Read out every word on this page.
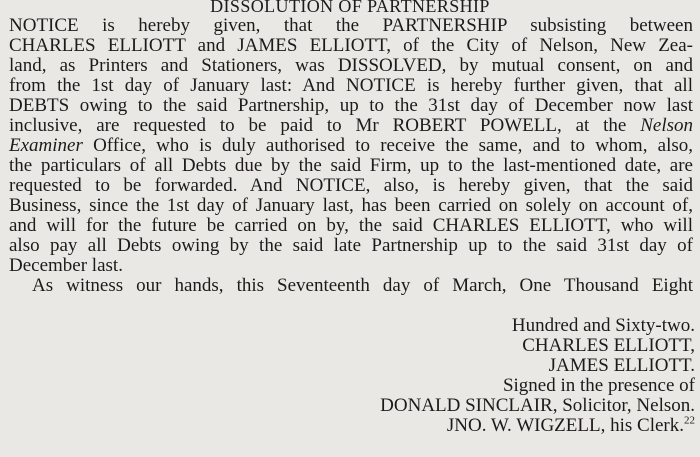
DISSOLUTION OF PARTNERSHIP
NOTICE is hereby given, that the PARTNERSHIP subsisting between
CHARLES ELLIOTT and JAMES ELLIOTT, of the City of Nelson, New Zea-
land, as Printers and Stationers, was DISSOLVED, by mutual consent, on and
from the 1st day of January last: And NOTICE is hereby further given, that all
DEBTS owing to the said Partnership, up to the 31st day of December now last
inclusive, are requested to be paid to Mr ROBERT POWELL, at the Nelson
Examiner Office, who is duly authorised to receive the same, and to whom, also,
the particulars of all Debts due by the said Firm, up to the last-mentioned date, are
requested to be forwarded. And NOTICE, also, is hereby given, that the said
Business, since the 1st day of January last, has been carried on solely on account of,
and will for the future be carried on by, the said CHARLES ELLIOTT, who will
also pay all Debts owing by the said late Partnership up to the said 31st day of
December last.
As witness our hands, this Seventeenth day of March, One Thousand Eight
Hundred and Sixty-two.
CHARLES ELLIOTT,
JAMES ELLIOTT.
Signed in the presence of
DONALD SINCLAIR, Solicitor, Nelson.
JNO. W. WIGZELL, his Clerk.$^{22}$
